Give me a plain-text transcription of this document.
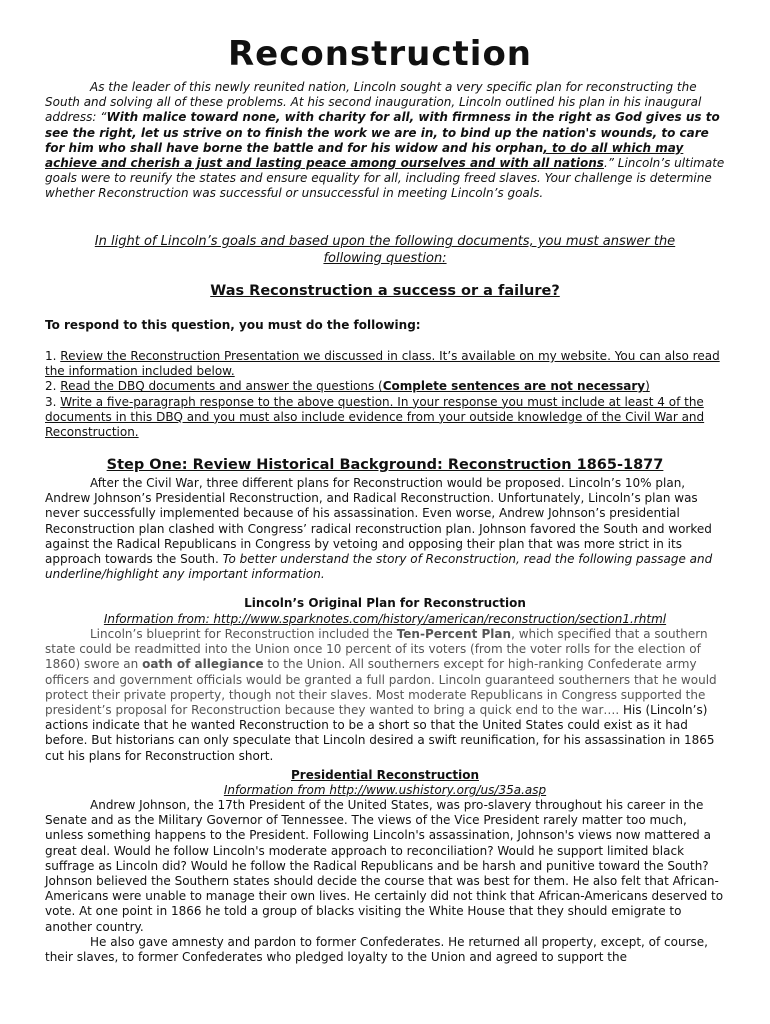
Reconstruction
As the leader of this newly reunited nation, Lincoln sought a very specific plan for reconstructing the South and solving all of these problems. At his second inauguration, Lincoln outlined his plan in his inaugural address: “With malice toward none, with charity for all, with firmness in the right as God gives us to see the right, let us strive on to finish the work we are in, to bind up the nation's wounds, to care for him who shall have borne the battle and for his widow and his orphan, to do all which may achieve and cherish a just and lasting peace among ourselves and with all nations.” Lincoln’s ultimate goals were to reunify the states and ensure equality for all, including freed slaves. Your challenge is determine whether Reconstruction was successful or unsuccessful in meeting Lincoln’s goals.
In light of Lincoln’s goals and based upon the following documents, you must answer the following question:
Was Reconstruction a success or a failure?
To respond to this question, you must do the following:

1. Review the Reconstruction Presentation we discussed in class. It’s available on my website. You can also read the information included below.

2. Read the DBQ documents and answer the questions (Complete sentences are not necessary)

3. Write a five-paragraph response to the above question. In your response you must include at least 4 of the documents in this DBQ and you must also include evidence from your outside knowledge of the Civil War and Reconstruction.

Step One: Review Historical Background: Reconstruction 1865-1877
After the Civil War, three different plans for Reconstruction would be proposed. Lincoln’s 10% plan, Andrew Johnson’s Presidential Reconstruction, and Radical Reconstruction. Unfortunately, Lincoln’s plan was never successfully implemented because of his assassination. Even worse, Andrew Johnson’s presidential Reconstruction plan clashed with Congress’ radical reconstruction plan. Johnson favored the South and worked against the Radical Republicans in Congress by vetoing and opposing their plan that was more strict in its approach towards the South. To better understand the story of Reconstruction, read the following passage and underline/highlight any important information.
Lincoln’s Original Plan for Reconstruction
Information from: http://www.sparknotes.com/history/american/reconstruction/section1.rhtml
Lincoln’s blueprint for Reconstruction included the Ten-Percent Plan, which specified that a southern state could be readmitted into the Union once 10 percent of its voters (from the voter rolls for the election of 1860) swore an oath of allegiance to the Union. All southerners except for high-ranking Confederate army officers and government officials would be granted a full pardon. Lincoln guaranteed southerners that he would protect their private property, though not their slaves. Most moderate Republicans in Congress supported the president’s proposal for Reconstruction because they wanted to bring a quick end to the war…. His (Lincoln’s) actions indicate that he wanted Reconstruction to be a short so that the United States could exist as it had before. But historians can only speculate that Lincoln desired a swift reunification, for his assassination in 1865 cut his plans for Reconstruction short.
Presidential Reconstruction
Information from http://www.ushistory.org/us/35a.asp

Andrew Johnson, the 17th President of the United States, was pro-slavery throughout his career in the Senate and as the Military Governor of Tennessee. The views of the Vice President rarely matter too much, unless something happens to the President. Following Lincoln's assassination, Johnson's views now mattered a great deal. Would he follow Lincoln's moderate approach to reconciliation? Would he support limited black suffrage as Lincoln did? Would he follow the Radical Republicans and be harsh and punitive toward the South? Johnson believed the Southern states should decide the course that was best for them. He also felt that African-Americans were unable to manage their own lives. He certainly did not think that African-Americans deserved to vote. At one point in 1866 he told a group of blacks visiting the White House that they should emigrate to another country.

He also gave amnesty and pardon to former Confederates. He returned all property, except, of course, their slaves, to former Confederates who pledged loyalty to the Union and agreed to support the
